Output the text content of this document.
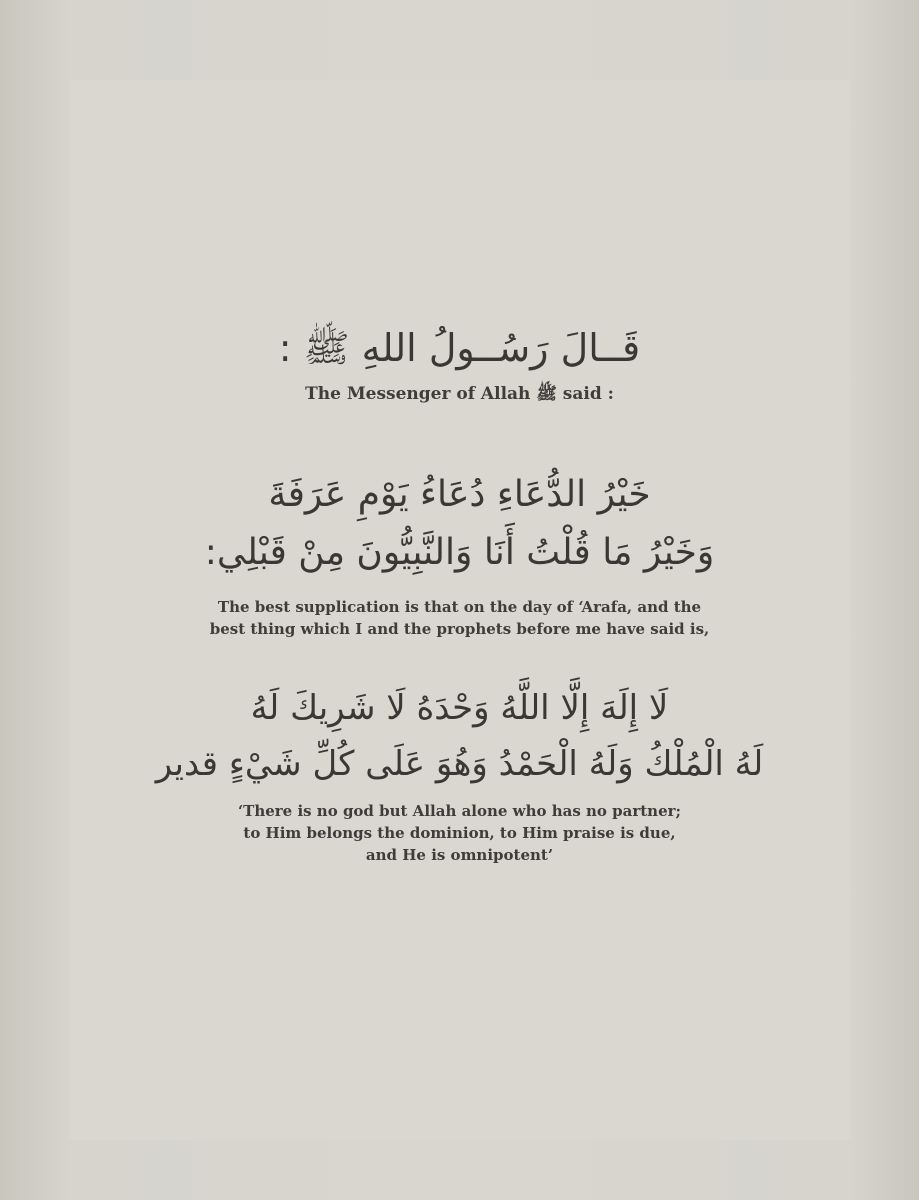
قَــالَ رَسُــولُ اللهِ ﷺ :
The Messenger of Allah ﷺ said :
خَيْرُ الدُّعَاءِ دُعَاءُ يَوْمِ عَرَفَةَ
وَخَيْرُ مَا قُلْتُ أَنَا وَالنَّبِيُّونَ مِنْ قَبْلِي:
The best supplication is that on the day of ‘Arafa, and the
best thing which I and the prophets before me have said is,
لَا إِلَهَ إِلَّا اللَّهُ وَحْدَهُ لَا شَرِيكَ لَهُ
لَهُ الْمُلْكُ وَلَهُ الْحَمْدُ وَهُوَ عَلَى كُلِّ شَيْءٍ قدير
‘There is no god but Allah alone who has no partner;
to Him belongs the dominion, to Him praise is due,
and He is omnipotent’
